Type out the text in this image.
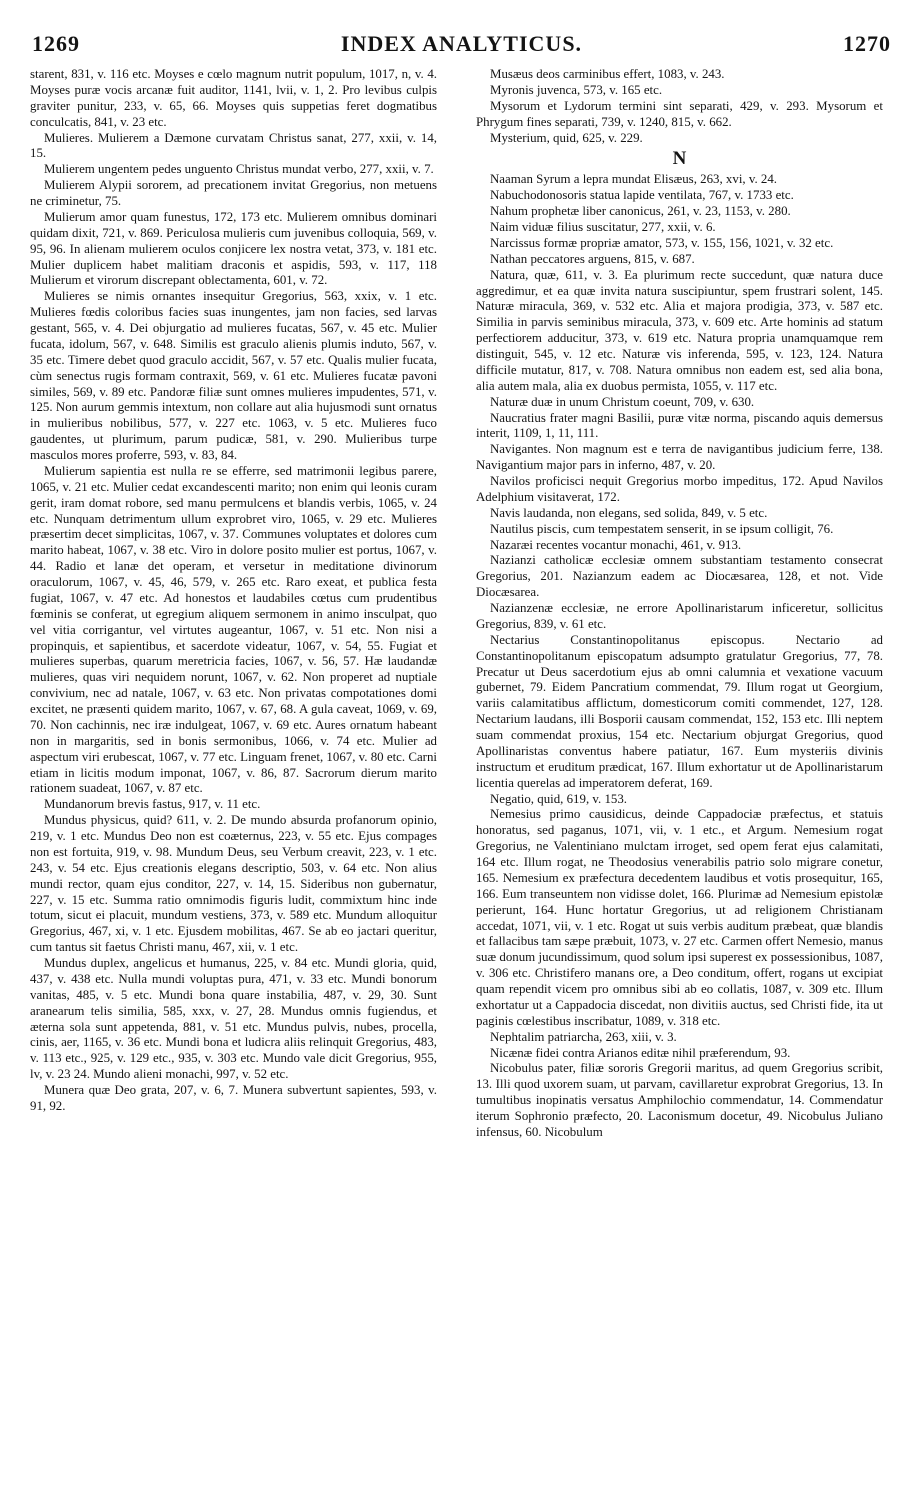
1269	INDEX ANALYTICUS.	1270

starent, 831, v. 116 etc. Moyses e cœlo magnum nutrit populum, 1017, n, v. 4. Moyses puræ vocis arcanæ fuit auditor, 1141, lvii, v. 1, 2. Pro levibus culpis graviter punitur, 233, v. 65, 66. Moyses quis suppetias feret dogmatibus conculcatis, 841, v. 23 etc.

Mulieres. Mulierem a Dæmone curvatam Christus sanat, 277, xxii, v. 14, 15.

Mulierem ungentem pedes unguento Christus mundat verbo, 277, xxii, v. 7.

Mulierem Alypii sororem, ad precationem invitat Gregorius, non metuens ne criminetur, 75.

Mulierum amor quam funestus, 172, 173 etc. Mulierem omnibus dominari quidam dixit, 721, v. 869. Periculosa mulieris cum juvenibus colloquia, 569, v. 95, 96. In alienam mulierem oculos conjicere lex nostra vetat, 373, v. 181 etc. Mulier duplicem habet malitiam draconis et aspidis, 593, v. 117, 118 Mulierum et virorum discrepant oblectamenta, 601, v. 72.

Mulieres se nimis ornantes insequitur Gregorius, 563, xxix, v. 1 etc. Mulieres fœdis coloribus facies suas inungentes, jam non facies, sed larvas gestant, 565, v. 4. Dei objurgatio ad mulieres fucatas, 567, v. 45 etc. Mulier fucata, idolum, 567, v. 648. Similis est graculo alienis plumis induto, 567, v. 35 etc. Timere debet quod graculo accidit, 567, v. 57 etc. Qualis mulier fucata, cùm senectus rugis formam contraxit, 569, v. 61 etc. Mulieres fucatæ pavoni similes, 569, v. 89 etc. Pandoræ filiæ sunt omnes mulieres impudentes, 571, v. 125. Non aurum gemmis intextum, non collare aut alia hujusmodi sunt ornatus in mulieribus nobilibus, 577, v. 227 etc. 1063, v. 5 etc. Mulieres fuco gaudentes, ut plurimum, parum pudicæ, 581, v. 290. Mulieribus turpe masculos mores proferre, 593, v. 83, 84.

Mulierum sapientia est nulla re se efferre, sed matrimonii legibus parere, 1065, v. 21 etc. Mulier cedat excandescenti marito; non enim qui leonis curam gerit, iram domat robore, sed manu permulcens et blandis verbis, 1065, v. 24 etc. Nunquam detrimentum ullum exprobret viro, 1065, v. 29 etc. Mulieres præsertim decet simplicitas, 1067, v. 37. Communes voluptates et dolores cum marito habeat, 1067, v. 38 etc. Viro in dolore posito mulier est portus, 1067, v. 44. Radio et lanæ det operam, et versetur in meditatione divinorum oraculorum, 1067, v. 45, 46, 579, v. 265 etc. Raro exeat, et publica festa fugiat, 1067, v. 47 etc. Ad honestos et laudabiles cœtus cum prudentibus fœminis se conferat, ut egregium aliquem sermonem in animo insculpat, quo vel vitia corrigantur, vel virtutes augeantur, 1067, v. 51 etc. Non nisi a propinquis, et sapientibus, et sacerdote videatur, 1067, v. 54, 55. Fugiat et mulieres superbas, quarum meretricia facies, 1067, v. 56, 57. Hæ laudandæ mulieres, quas viri nequidem norunt, 1067, v. 62. Non properet ad nuptiale convivium, nec ad natale, 1067, v. 63 etc. Non privatas compotationes domi excitet, ne præsenti quidem marito, 1067, v. 67, 68. A gula caveat, 1069, v. 69, 70. Non cachinnis, nec iræ indulgeat, 1067, v. 69 etc. Aures ornatum habeant non in margaritis, sed in bonis sermonibus, 1066, v. 74 etc. Mulier ad aspectum viri erubescat, 1067, v. 77 etc. Linguam frenet, 1067, v. 80 etc. Carni etiam in licitis modum imponat, 1067, v. 86, 87. Sacrorum dierum marito rationem suadeat, 1067, v. 87 etc.

Mundanorum brevis fastus, 917, v. 11 etc.

Mundus physicus, quid? 611, v. 2. De mundo absurda profanorum opinio, 219, v. 1 etc. Mundus Deo non est coæternus, 223, v. 55 etc. Ejus compages non est fortuita, 919, v. 98. Mundum Deus, seu Verbum creavit, 223, v. 1 etc. 243, v. 54 etc. Ejus creationis elegans descriptio, 503, v. 64 etc. Non alius mundi rector, quam ejus conditor, 227, v. 14, 15. Sideribus non gubernatur, 227, v. 15 etc. Summa ratio omnimodis figuris ludit, commixtum hinc inde totum, sicut ei placuit, mundum vestiens, 373, v. 589 etc. Mundum alloquitur Gregorius, 467, xi, v. 1 etc. Ejusdem mobilitas, 467. Se ab eo jactari queritur, cum tantus sit faetus Christi manu, 467, xii, v. 1 etc.

Mundus duplex, angelicus et humanus, 225, v. 84 etc. Mundi gloria, quid, 437, v. 438 etc. Nulla mundi voluptas pura, 471, v. 33 etc. Mundi bonorum vanitas, 485, v. 5 etc. Mundi bona quare instabilia, 487, v. 29, 30. Sunt aranearum telis similia, 585, xxx, v. 27, 28. Mundus omnis fugiendus, et æterna sola sunt appetenda, 881, v. 51 etc. Mundus pulvis, nubes, procella, cinis, aer, 1165, v. 36 etc. Mundi bona et ludicra aliis relinquit Gregorius, 483, v. 113 etc., 925, v. 129 etc., 935, v. 303 etc. Mundo vale dicit Gregorius, 955, lv, v. 23 24. Mundo alieni monachi, 997, v. 52 etc.

Munera quæ Deo grata, 207, v. 6, 7. Munera subvertunt sapientes, 593, v. 91, 92.

Musæus deos carminibus effert, 1083, v. 243.

Myronis juvenca, 573, v. 165 etc.

Mysorum et Lydorum termini sint separati, 429, v. 293. Mysorum et Phrygum fines separati, 739, v. 1240, 815, v. 662.

Mysterium, quid, 625, v. 229.

N

Naaman Syrum a lepra mundat Elisæus, 263, xvi, v. 24.

Nabuchodonosoris statua lapide ventilata, 767, v. 1733 etc.

Nahum prophetæ liber canonicus, 261, v. 23, 1153, v. 280.

Naim viduæ filius suscitatur, 277, xxii, v. 6.

Narcissus formæ propriæ amator, 573, v. 155, 156, 1021, v. 32 etc.

Nathan peccatores arguens, 815, v. 687.

Natura, quæ, 611, v. 3. Ea plurimum recte succedunt, quæ natura duce aggredimur, et ea quæ invita natura suscipiuntur, spem frustrari solent, 145. Naturæ miracula, 369, v. 532 etc. Alia et majora prodigia, 373, v. 587 etc. Similia in parvis seminibus miracula, 373, v. 609 etc. Arte hominis ad statum perfectiorem adducitur, 373, v. 619 etc. Natura propria unamquamque rem distinguit, 545, v. 12 etc. Naturæ vis inferenda, 595, v. 123, 124. Natura difficile mutatur, 817, v. 708. Natura omnibus non eadem est, sed alia bona, alia autem mala, alia ex duobus permista, 1055, v. 117 etc.

Naturæ duæ in unum Christum coeunt, 709, v. 630.

Naucratius frater magni Basilii, puræ vitæ norma, piscando aquis demersus interit, 1109, 1, 11, 111.

Navigantes. Non magnum est e terra de navigantibus judicium ferre, 138. Navigantium major pars in inferno, 487, v. 20.

Navilos proficisci nequit Gregorius morbo impeditus, 172. Apud Navilos Adelphium visitaverat, 172.

Navis laudanda, non elegans, sed solida, 849, v. 5 etc.

Nautilus piscis, cum tempestatem senserit, in se ipsum colligit, 76.

Nazaræi recentes vocantur monachi, 461, v. 913.

Nazianzi catholicæ ecclesiæ omnem substantiam testamento consecrat Gregorius, 201. Nazianzum eadem ac Diocæsarea, 128, et not. Vide Diocæsarea.

Nazianzenæ ecclesiæ, ne errore Apollinaristarum inficeretur, sollicitus Gregorius, 839, v. 61 etc.

Nectarius Constantinopolitanus episcopus. Nectario ad Constantinopolitanum episcopatum adsumpto gratulatur Gregorius, 77, 78. Precatur ut Deus sacerdotium ejus ab omni calumnia et vexatione vacuum gubernet, 79. Eidem Pancratium commendat, 79. Illum rogat ut Georgium, variis calamitatibus afflictum, domesticorum comiti commendet, 127, 128. Nectarium laudans, illi Bosporii causam commendat, 152, 153 etc. Illi neptem suam commendat proxius, 154 etc. Nectarium objurgat Gregorius, quod Apollinaristas conventus habere patiatur, 167. Eum mysteriis divinis instructum et eruditum prædicat, 167. Illum exhortatur ut de Apollinaristarum licentia querelas ad imperatorem deferat, 169.

Negatio, quid, 619, v. 153.

Nemesius primo causidicus, deinde Cappadociæ præfectus, et statuis honoratus, sed paganus, 1071, vii, v. 1 etc., et Argum. Nemesium rogat Gregorius, ne Valentiniano mulctam irroget, sed opem ferat ejus calamitati, 164 etc. Illum rogat, ne Theodosius venerabilis patrio solo migrare conetur, 165. Nemesium ex præfectura decedentem laudibus et votis prosequitur, 165, 166. Eum transeuntem non vidisse dolet, 166. Plurimæ ad Nemesium epistolæ perierunt, 164. Hunc hortatur Gregorius, ut ad religionem Christianam accedat, 1071, vii, v. 1 etc. Rogat ut suis verbis auditum præbeat, quæ blandis et fallacibus tam sæpe præbuit, 1073, v. 27 etc. Carmen offert Nemesio, manus suæ donum jucundissimum, quod solum ipsi superest ex possessionibus, 1087, v. 306 etc. Christifero manans ore, a Deo conditum, offert, rogans ut excipiat quam rependit vicem pro omnibus sibi ab eo collatis, 1087, v. 309 etc. Illum exhortatur ut a Cappadocia discedat, non divitiis auctus, sed Christi fide, ita ut paginis cœlestibus inscribatur, 1089, v. 318 etc.

Nephtalim patriarcha, 263, xiii, v. 3.

Nicænæ fidei contra Arianos editæ nihil præferendum, 93.

Nicobulus pater, filiæ sororis Gregorii maritus, ad quem Gregorius scribit, 13. Illi quod uxorem suam, ut parvam, cavillaretur exprobrat Gregorius, 13. In tumultibus inopinatis versatus Amphilochio commendatur, 14. Commendatur iterum Sophronio præfecto, 20. Laconismum docetur, 49. Nicobulus Juliano infensus, 60. Nicobulum
